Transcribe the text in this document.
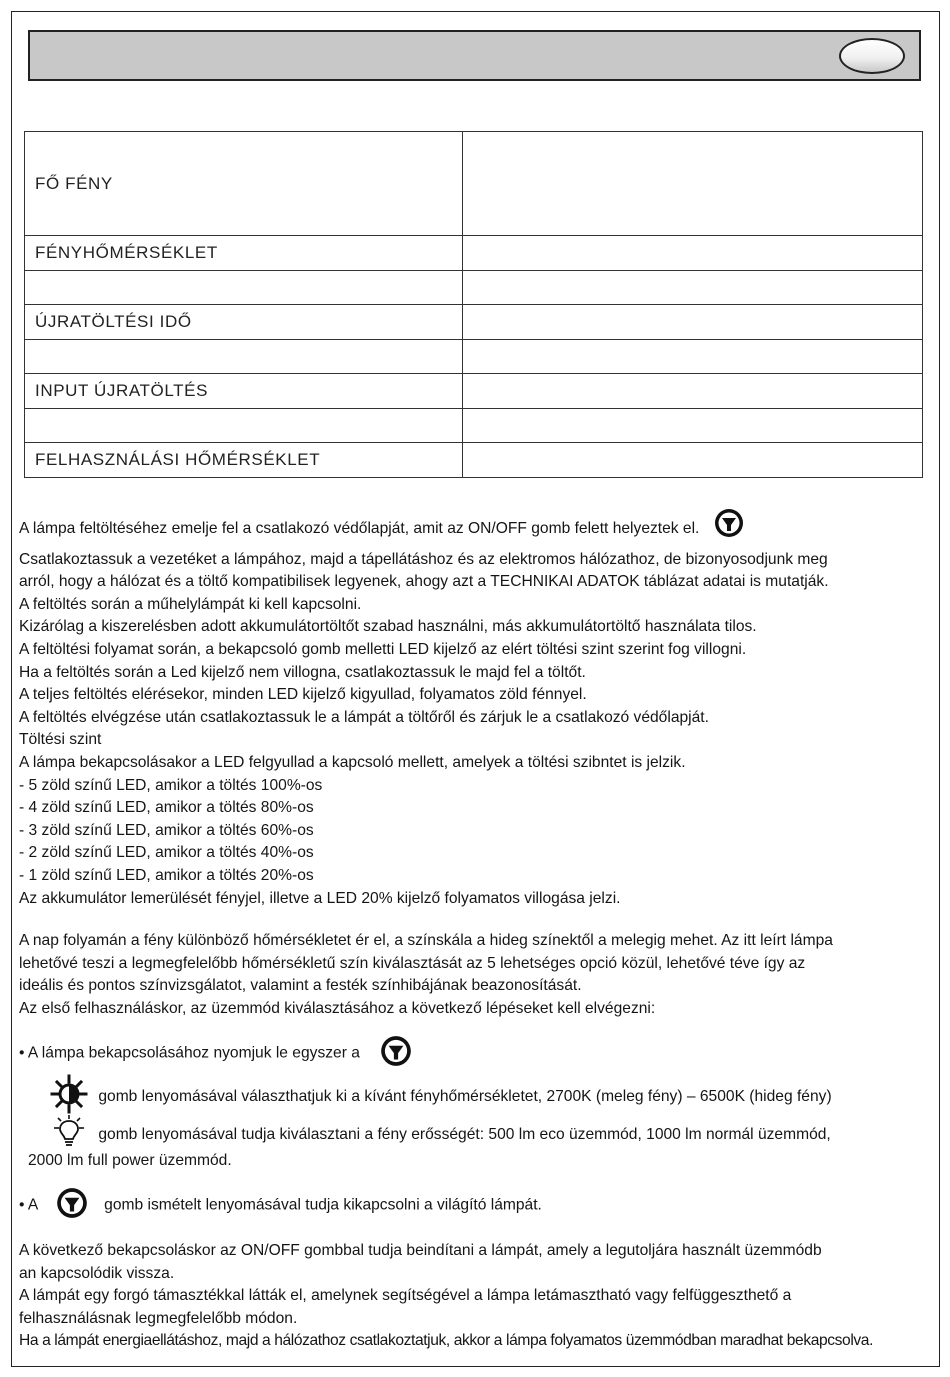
FŐ FÉNY	
FÉNYHŐMÉRSÉKLET	

ÚJRATÖLTÉSI IDŐ	

INPUT ÚJRATÖLTÉS	

FELHASZNÁLÁSI HŐMÉRSÉKLET	

A lámpa feltöltéséhez emelje fel a csatlakozó védőlapját, amit az ON/OFF gomb felett helyeztek el.

Csatlakoztassuk a vezetéket a lámpához, majd a tápellátáshoz és az elektromos hálózathoz, de bizonyosodjunk meg

arról, hogy a hálózat és a töltő kompatibilisek legyenek, ahogy azt a TECHNIKAI ADATOK táblázat adatai is mutatják.

A feltöltés során a műhelylámpát ki kell kapcsolni.

Kizárólag a kiszerelésben adott akkumulátortöltőt szabad használni, más akkumulátortöltő használata tilos.

A feltöltési folyamat során, a bekapcsoló gomb melletti LED kijelző az elért töltési szint szerint fog villogni.

Ha a feltöltés során a Led kijelző nem villogna, csatlakoztassuk le majd fel a töltőt.

A teljes feltöltés elérésekor, minden LED kijelző kigyullad, folyamatos zöld fénnyel.

A feltöltés elvégzése után csatlakoztassuk le a lámpát a töltőről és zárjuk le a csatlakozó védőlapját.

Töltési szint

A lámpa bekapcsolásakor a LED felgyullad a kapcsoló mellett, amelyek a töltési szibntet is jelzik.

- 5 zöld színű LED, amikor a töltés 100%-os

- 4 zöld színű LED, amikor a töltés 80%-os

- 3 zöld színű LED, amikor a töltés 60%-os

- 2 zöld színű LED, amikor a töltés 40%-os

- 1 zöld színű LED, amikor a töltés 20%-os

Az akkumulátor lemerülését fényjel, illetve a LED 20% kijelző folyamatos villogása jelzi.

A nap folyamán a fény különböző hőmérsékletet ér el, a színskála a hideg színektől a melegig mehet. Az itt leírt lámpa

lehetővé teszi a legmegfelelőbb hőmérsékletű szín kiválasztását az 5 lehetséges opció közül, lehetővé téve így az

ideális és pontos színvizsgálatot, valamint a festék színhibájának beazonosítását.

Az első felhasználáskor, az üzemmód kiválasztásához a következő lépéseket kell elvégezni:

• A lámpa bekapcsolásához nyomjuk le egyszer a
gomb lenyomásával választhatjuk ki a kívánt fényhőmérsékletet, 2700K (meleg fény) – 6500K (hideg fény)
gomb lenyomásával tudja kiválasztani a fény erősségét: 500 lm eco üzemmód, 1000 lm normál üzemmód,
2000 lm full power üzemmód.
• A	gomb ismételt lenyomásával tudja kikapcsolni a világító lámpát.

A következő bekapcsoláskor az ON/OFF gombbal tudja beindítani a lámpát, amely a legutoljára használt üzemmódb

an kapcsolódik vissza.

A lámpát egy forgó támasztékkal látták el, amelynek segítségével a lámpa letámasztható vagy felfüggeszthető a

felhasználásnak legmegfelelőbb módon.

Ha a lámpát energiaellátáshoz, majd a hálózathoz csatlakoztatjuk, akkor a lámpa folyamatos üzemmódban maradhat bekapcsolva.
